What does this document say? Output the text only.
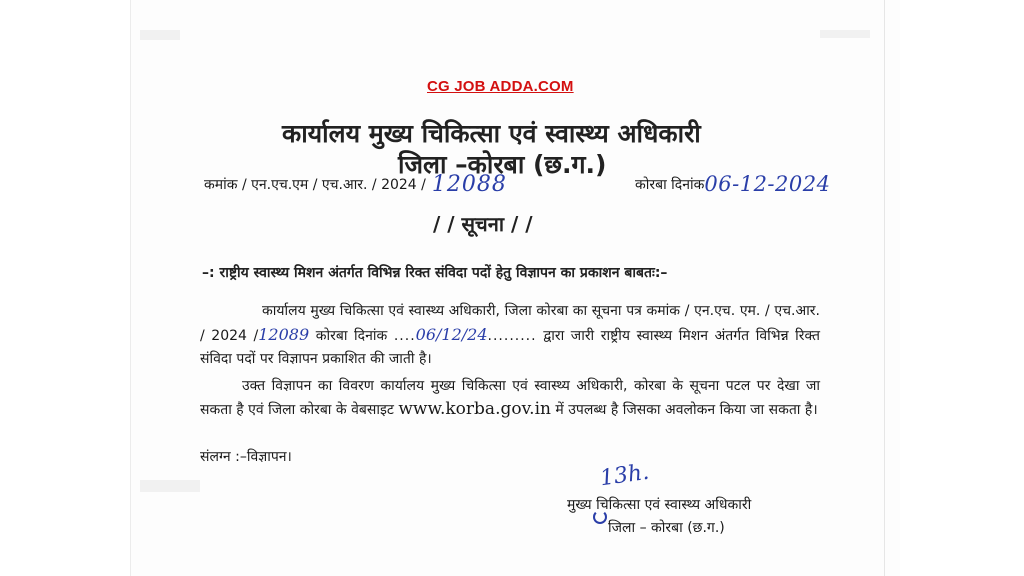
CG JOB ADDA.COM
कार्यालय मुख्य चिकित्सा एवं स्वास्थ्य अधिकारी
जिला –कोरबा (छ.ग.)
कमांक / एन.एच.एम / एच.आर. / 2024 / 12088	कोरबा दिनांक06-12-2024
/ / सूचना / /
–: राष्ट्रीय स्वास्थ्य मिशन अंतर्गत विभिन्न रिक्त संविदा पदों हेतु विज्ञापन का प्रकाशन बाबतः:–
कार्यालय मुख्य चिकित्सा एवं स्वास्थ्य अधिकारी, जिला कोरबा का सूचना पत्र कमांक / एन.एच. एम. / एच.आर. / 2024 /12089 कोरबा दिनांक ....06/12/24......... द्वारा जारी राष्ट्रीय स्वास्थ्य मिशन अंतर्गत विभिन्न रिक्त संविदा पदों पर विज्ञापन प्रकाशित की जाती है।
उक्त विज्ञापन का विवरण कार्यालय मुख्य चिकित्सा एवं स्वास्थ्य अधिकारी, कोरबा के सूचना पटल पर देखा जा सकता है एवं जिला कोरबा के वेबसाइट www.korba.gov.in में उपलब्ध है जिसका अवलोकन किया जा सकता है।
संलग्न :–विज्ञापन।
13h.
मुख्य चिकित्सा एवं स्वास्थ्य अधिकारी
जिला – कोरबा (छ.ग.)
